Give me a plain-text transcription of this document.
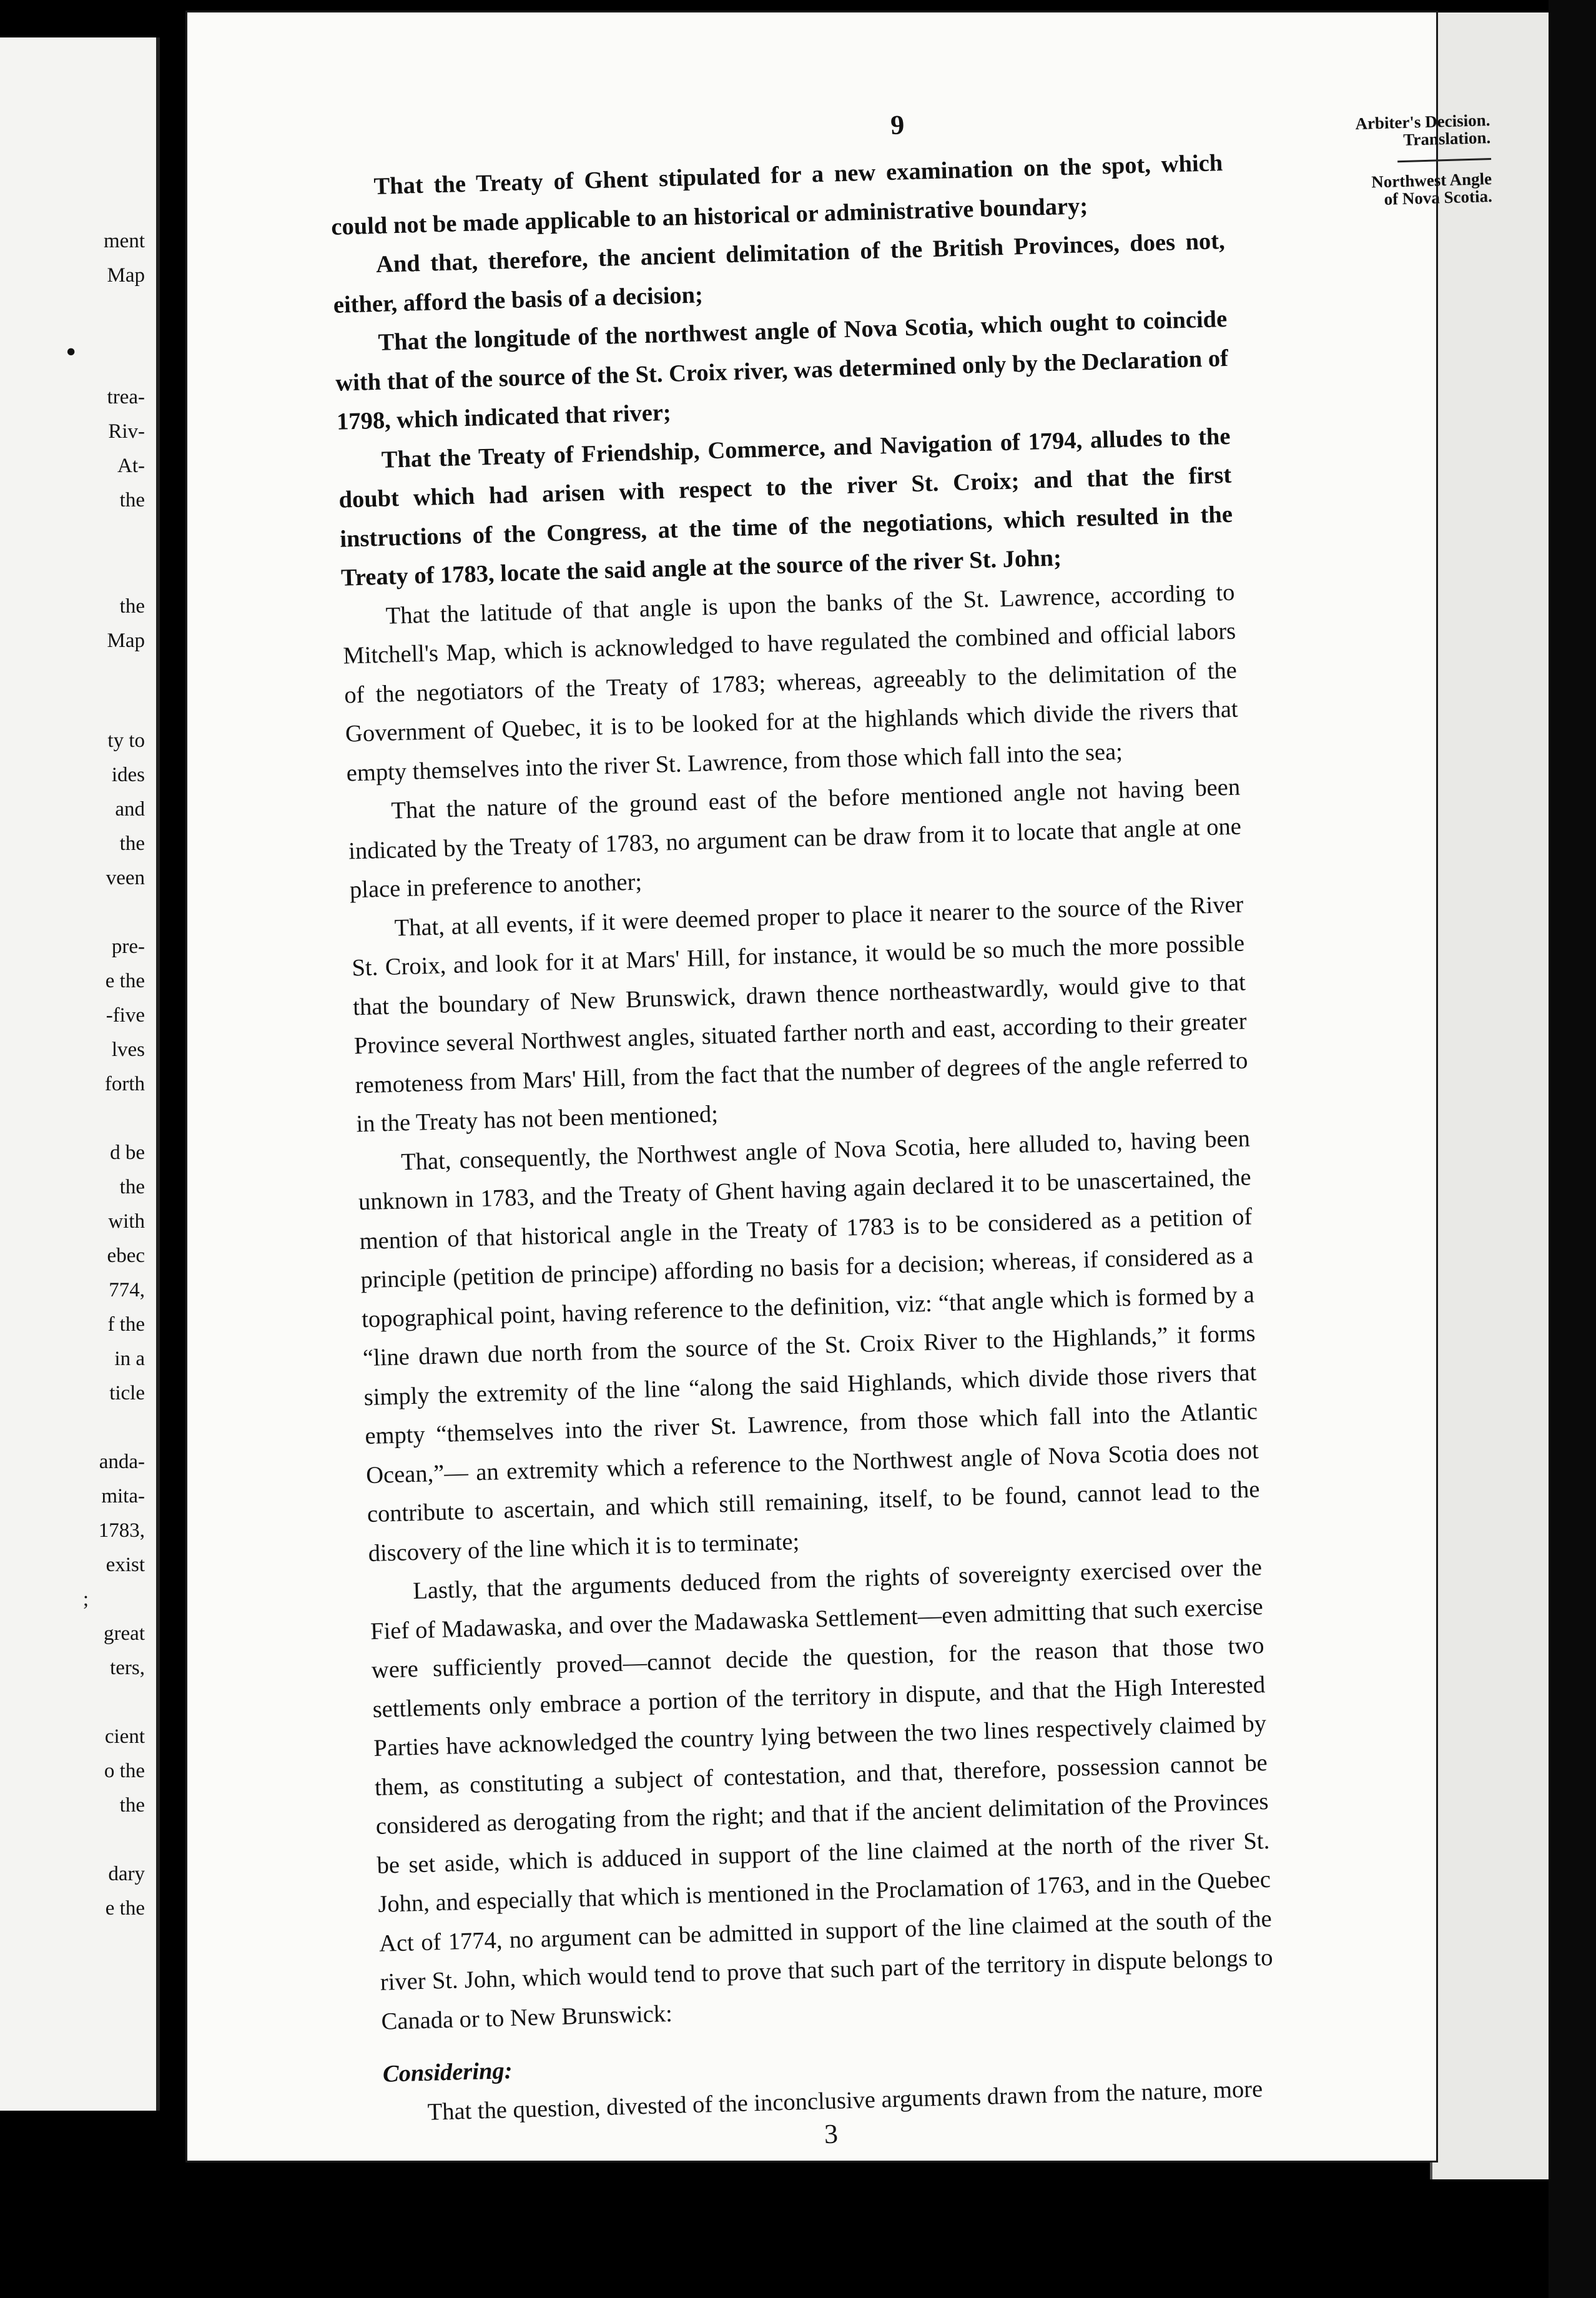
ment
Map
•
trea-
Riv-
At-
the
the
Map
ty to
ides
and
the
veen
pre-
e the
-five
lves
forth
d be
the
with
ebec
774,
f the
in a
ticle
anda-
mita-
1783,
exist
;
great
ters,
cient
o the
the
dary
e the
9	Arbiter's Decision. Translation.
Northwest Angle of Nova Scotia.

That the Treaty of Ghent stipulated for a new examination on the spot, which could not be made applicable to an historical or administrative boundary;

And that, therefore, the ancient delimitation of the British Provinces, does not, either, afford the basis of a decision;

That the longitude of the northwest angle of Nova Scotia, which ought to coincide with that of the source of the St. Croix river, was determined only by the Declaration of 1798, which indicated that river;

That the Treaty of Friendship, Commerce, and Navigation of 1794, alludes to the doubt which had arisen with respect to the river St. Croix; and that the first instructions of the Congress, at the time of the negotiations, which resulted in the Treaty of 1783, locate the said angle at the source of the river St. John;

That the latitude of that angle is upon the banks of the St. Lawrence, according to Mitchell's Map, which is acknowledged to have regulated the combined and official labors of the negotiators of the Treaty of 1783; whereas, agreeably to the delimitation of the Government of Quebec, it is to be looked for at the highlands which divide the rivers that empty themselves into the river St. Lawrence, from those which fall into the sea;

That the nature of the ground east of the before mentioned angle not having been indicated by the Treaty of 1783, no argument can be draw from it to locate that angle at one place in preference to another;

That, at all events, if it were deemed proper to place it nearer to the source of the River St. Croix, and look for it at Mars' Hill, for instance, it would be so much the more possible that the boundary of New Brunswick, drawn thence northeastwardly, would give to that Province several Northwest angles, situated farther north and east, according to their greater remoteness from Mars' Hill, from the fact that the number of degrees of the angle referred to in the Treaty has not been mentioned;

That, consequently, the Northwest angle of Nova Scotia, here alluded to, having been unknown in 1783, and the Treaty of Ghent having again declared it to be unascertained, the mention of that historical angle in the Treaty of 1783 is to be considered as a petition of principle (petition de principe) affording no basis for a decision; whereas, if considered as a topographical point, having reference to the definition, viz: “that angle which is formed by a “line drawn due north from the source of the St. Croix River to the Highlands,” it forms simply the extremity of the line “along the said Highlands, which divide those rivers that empty “themselves into the river St. Lawrence, from those which fall into the Atlantic Ocean,”— an extremity which a reference to the Northwest angle of Nova Scotia does not contribute to ascertain, and which still remaining, itself, to be found, cannot lead to the discovery of the line which it is to terminate;

Lastly, that the arguments deduced from the rights of sovereignty exercised over the Fief of Madawaska, and over the Madawaska Settlement—even admitting that such exercise were sufficiently proved—cannot decide the question, for the reason that those two settlements only embrace a portion of the territory in dispute, and that the High Interested Parties have acknowledged the country lying between the two lines respectively claimed by them, as constituting a subject of contestation, and that, therefore, possession cannot be considered as derogating from the right; and that if the ancient delimitation of the Provinces be set aside, which is adduced in support of the line claimed at the north of the river St. John, and especially that which is mentioned in the Proclamation of 1763, and in the Quebec Act of 1774, no argument can be admitted in support of the line claimed at the south of the river St. John, which would tend to prove that such part of the territory in dispute belongs to Canada or to New Brunswick:

Considering:

That the question, divested of the inconclusive arguments drawn from the nature, more

3
